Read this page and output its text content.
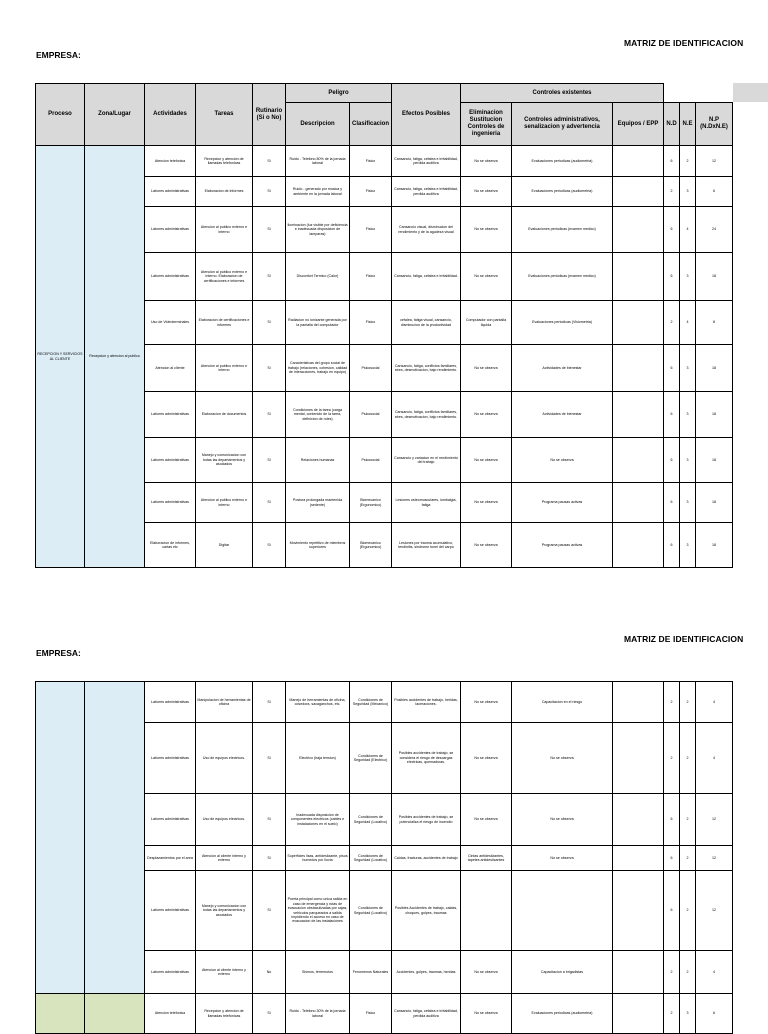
MATRIZ DE IDENTIFICACION
EMPRESA:
Proceso	Zona/Lugar	Actividades	Tareas	Rutinario (Si o No)	Peligro		Efectos Posibles	Controles existentes					
					Descripcion	Clasificacion		Eliminacion Sustitucion Controles de ingenieria	Controles administrativos, senalizacion y advertencia	Equipos / EPP	N.D	N.E	N.P (N.DxN.E)
RECEPCION Y SERVICIOS AL CLIENTE	Recepcion y atencion al publico	Atencion telefonica	Recepcion y atencion de llamadas telefonicas	Si	Ruido - Telefono 80% de la jornada laboral	Fisico	Cansancio, fatiga, cefalea e irritabilidad, perdida auditiva	No se observa	Evaluaciones periodicas (audiometria)		6	2	12
		Labores administrativas	Elaboracion de informes	Si	Ruido - generado por musica y ambiente en la jornada laboral	Fisico	Cansancio, fatiga, cefalea e irritabilidad, perdida auditiva	No se observa	Evaluaciones periodicas (audiometria)		2	3	6
		Labores administrativas	Atencion al publico externo e interno	Si	Iluminacion (luz visible por deficiencia e inadecuada disposicion de lamparas)	Fisico	Cansancio visual, disminucion del rendimiento y de la agudeza visual	No se observa	Evaluaciones periodicas (examen medico)		6	4	24
		Labores administrativas	Atencion al publico externo e interno. Elaboracion de certificaciones e informes	Si	Disconfort Termico (Calor)	Fisico	Cansancio, fatiga, cefalea e irritabilidad.	No se observa	Evaluaciones periodicas (examen medico)		6	3	18
		Uso de Videoterminales	Elaboracion de certificaciones e informes	Si	Radiacion no ionizante generada por la pantalla del computador	Fisico	cefalea, fatiga visual, cansancio, disminucion de la productividad	Computador con pantalla liquida	Evaluaciones periodicas (Visiometria)		2	4	8
		Atencion al cliente	Atencion al publico externo e interno	Si	Caracteristicas del grupo social de trabajo (relaciones, cohesion, calidad de interacciones, trabajo en equipo)	Psicosocial	Cansancio, fatiga, conflictos familiares, stres, desmotivacion, bajo rendimiento.	No se observa	Actividades de bienestar		6	3	18
		Labores administrativas	Elaboracion de documentos	Si	Condiciones de la tarea (carga mental, contenido de la tarea, definicion de roles)	Psicosocial	Cansancio, fatiga, conflictos familiares, stres, desmotivacion, bajo rendimiento.	No se observa	Actividades de bienestar		6	3	18
		Labores administrativas	Manejo y comunicacion con todas las departamentos y asociados	Si	Relaciones humanas	Psicosocial	Cansancio y variacion en el rendimiento del trabajo	No se observa	No se observa		6	3	18
		Labores administrativas	Atencion al publico externo e interno	Si	Postura prolongada mantenida (sedente)	Biomecanico (Ergonomico)	Lesiones osteomusculares, lumbalgia, fatiga	No se observa	Programa pausas activas		6	3	18
		Elaboracion de informes, cartas etc	Digitar	Si	Movimiento repetitivo de miembros superiores	Biomecanico (Ergonomico)	Lesiones por trauma acumulativo, tendinitis, sindrome tunel del carpo	No se observa	Programa pausas activas		6	3	18
MATRIZ DE IDENTIFICACION
EMPRESA:
		Labores administrativas	Manipulacion de herramientas de oficina	Si	Manejo de herramientas de oficina, cosedora, sacaganchos, etc.	Condiciones de Seguridad (Mecanico)	Posibles accidentes de trabajo, heridas, laceraciones.	No se observa	Capacitacion en el riesgo		2	2	4
		Labores administrativas	Uso de equipos electricos.	Si	Electrico (baja tension)	Condiciones de Seguridad (Electrico)	Posibles accidentes de trabajo, se considera el riesgo de descargas electricas, quemaduras.	No se observa	No se observa		2	2	4
		Labores administrativas	Uso de equipos electricos.	Si	Inadecuada disposicion de componentes electricos (cables e instalaciones en el suelo)	Condiciones de Seguridad (Locativo)	Posibles accidentes de trabajo, se potencializa el riesgo de incendio	No se observa	No se observa		6	2	12
		Desplazamientos por el area	Atencion al cliente interno y externo	Si	Superficies lisas, antideslizante, pisos humedos por lluvia	Condiciones de Seguridad (Locativo)	Caidas, fracturas, accidentes de trabajo	Cintas antideslizantes, tapetes antideslizantes	No se observa		6	2	12
		Labores administrativas	Manejo y comunicacion con todas las departamentos y asociados	Si	Puerta principal como unica salida en caso de emergencia y rutas de evacuacion obstaculizadas por cajas, vehiculos parqueados a salida impidiendo el acceso en caso de evacuacion de las instalaciones	Condiciones de Seguridad (Locativo)	Posibles Accidentes de trabajo, caidas, choques, golpes, traumas				6	2	12
		Labores administrativas	Atencion al cliente interno y externo	No	Sismos, terremotos	Fenomenos Naturales	Accidentes, golpes, traumas, heridas	No se observa	Capacitacion a brigadistas		2	2	4
		Atencion telefonica	Recepcion y atencion de llamadas telefonicas	Si	Ruido - Telefono 30% de la jornada laboral	Fisico	Cansancio, fatiga, cefalea e irritabilidad, perdida auditiva	No se observa	Evaluaciones periodicas (audiometria)		2	3	6
